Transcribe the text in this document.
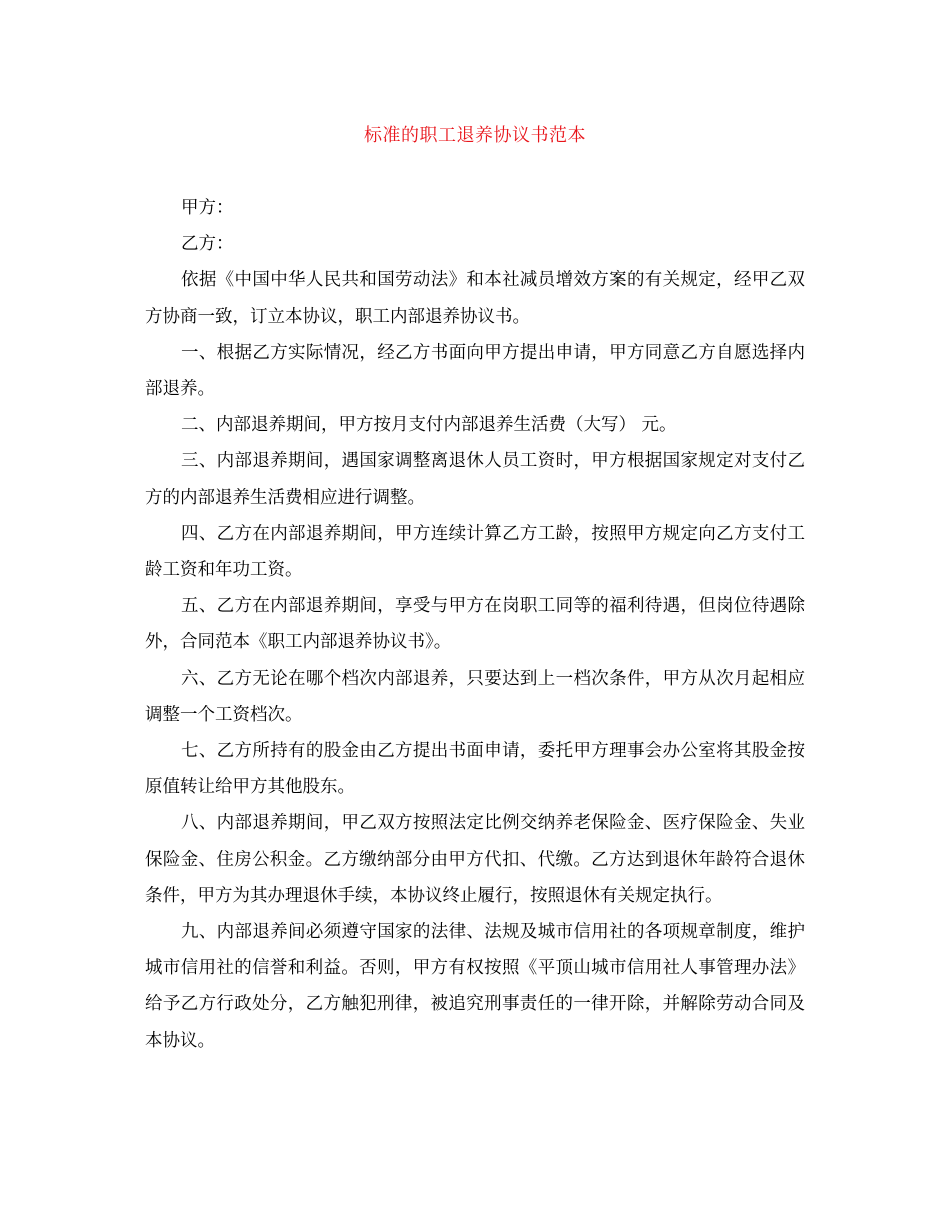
标准的职工退养协议书范本

甲方：

乙方：

依据《中国中华人民共和国劳动法》和本社减员增效方案的有关规定，经甲乙双方协商一致，订立本协议，职工内部退养协议书。

一、根据乙方实际情况，经乙方书面向甲方提出申请，甲方同意乙方自愿选择内部退养。

二、内部退养期间，甲方按月支付内部退养生活费（大写） 元。

三、内部退养期间，遇国家调整离退休人员工资时，甲方根据国家规定对支付乙方的内部退养生活费相应进行调整。

四、乙方在内部退养期间，甲方连续计算乙方工龄，按照甲方规定向乙方支付工龄工资和年功工资。

五、乙方在内部退养期间，享受与甲方在岗职工同等的福利待遇，但岗位待遇除外，合同范本《职工内部退养协议书》。

六、乙方无论在哪个档次内部退养，只要达到上一档次条件，甲方从次月起相应调整一个工资档次。

七、乙方所持有的股金由乙方提出书面申请，委托甲方理事会办公室将其股金按原值转让给甲方其他股东。

八、内部退养期间，甲乙双方按照法定比例交纳养老保险金、医疗保险金、失业保险金、住房公积金。乙方缴纳部分由甲方代扣、代缴。乙方达到退休年龄符合退休条件，甲方为其办理退休手续，本协议终止履行，按照退休有关规定执行。

九、内部退养间必须遵守国家的法律、法规及城市信用社的各项规章制度，维护城市信用社的信誉和利益。否则，甲方有权按照《平顶山城市信用社人事管理办法》给予乙方行政处分，乙方触犯刑律，被追究刑事责任的一律开除，并解除劳动合同及本协议。
